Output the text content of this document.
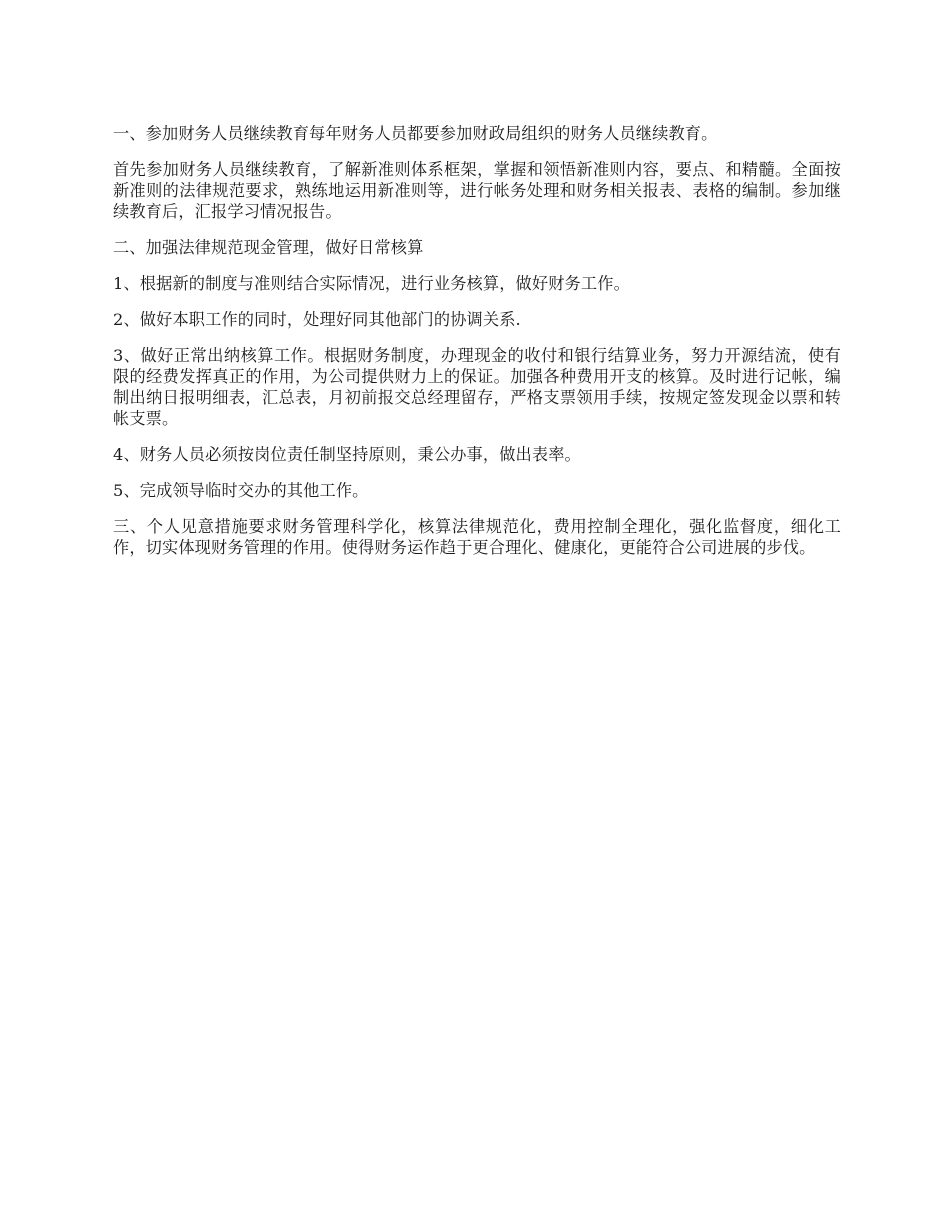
一、参加财务人员继续教育每年财务人员都要参加财政局组织的财务人员继续教育。

首先参加财务人员继续教育，了解新准则体系框架，掌握和领悟新准则内容，要点、和精髓。全面按新准则的法律规范要求，熟练地运用新准则等，进行帐务处理和财务相关报表、表格的编制。参加继续教育后，汇报学习情况报告。

二、加强法律规范现金管理，做好日常核算

1、根据新的制度与准则结合实际情况，进行业务核算，做好财务工作。

2、做好本职工作的同时，处理好同其他部门的协调关系.

3、做好正常出纳核算工作。根据财务制度，办理现金的收付和银行结算业务，努力开源结流，使有限的经费发挥真正的作用，为公司提供财力上的保证。加强各种费用开支的核算。及时进行记帐，编制出纳日报明细表，汇总表，月初前报交总经理留存，严格支票领用手续，按规定签发现金以票和转帐支票。

4、财务人员必须按岗位责任制坚持原则，秉公办事，做出表率。

5、完成领导临时交办的其他工作。

三、个人见意措施要求财务管理科学化，核算法律规范化，费用控制全理化，强化监督度，细化工作，切实体现财务管理的作用。使得财务运作趋于更合理化、健康化，更能符合公司进展的步伐。
